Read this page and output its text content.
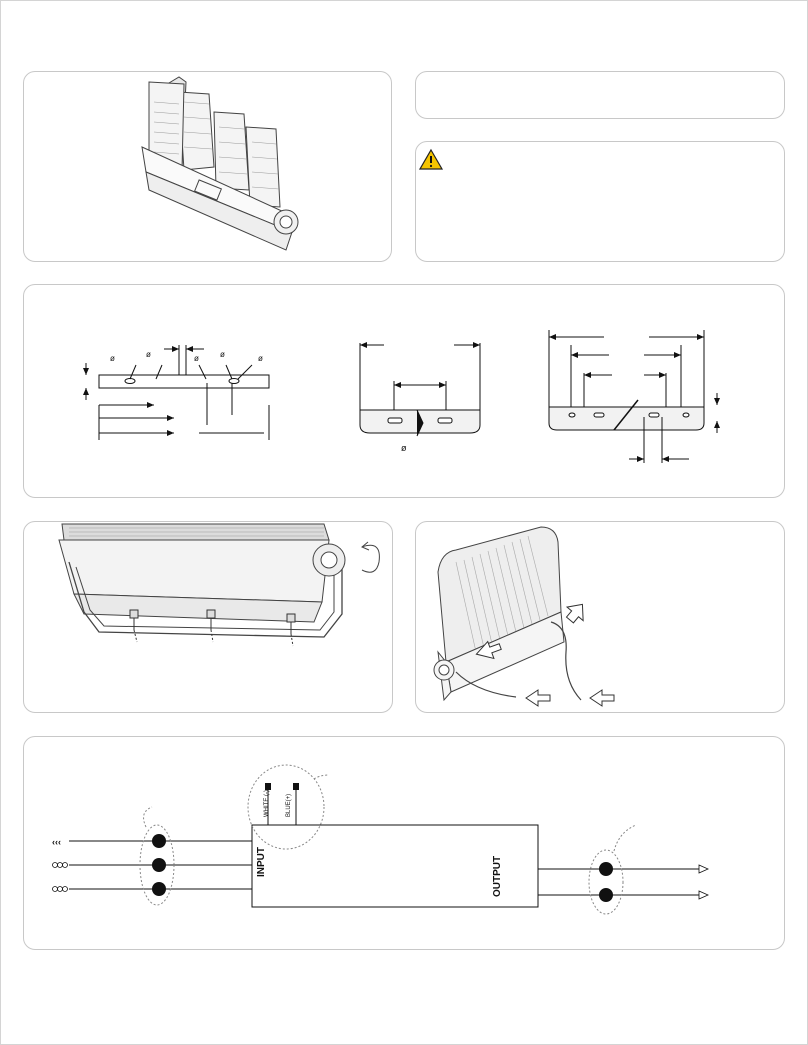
ø	ø	ø	ø	ø
ø
‹‹‹
INPUT	OUTPUT
WHITE (-)	BLUE(+)
